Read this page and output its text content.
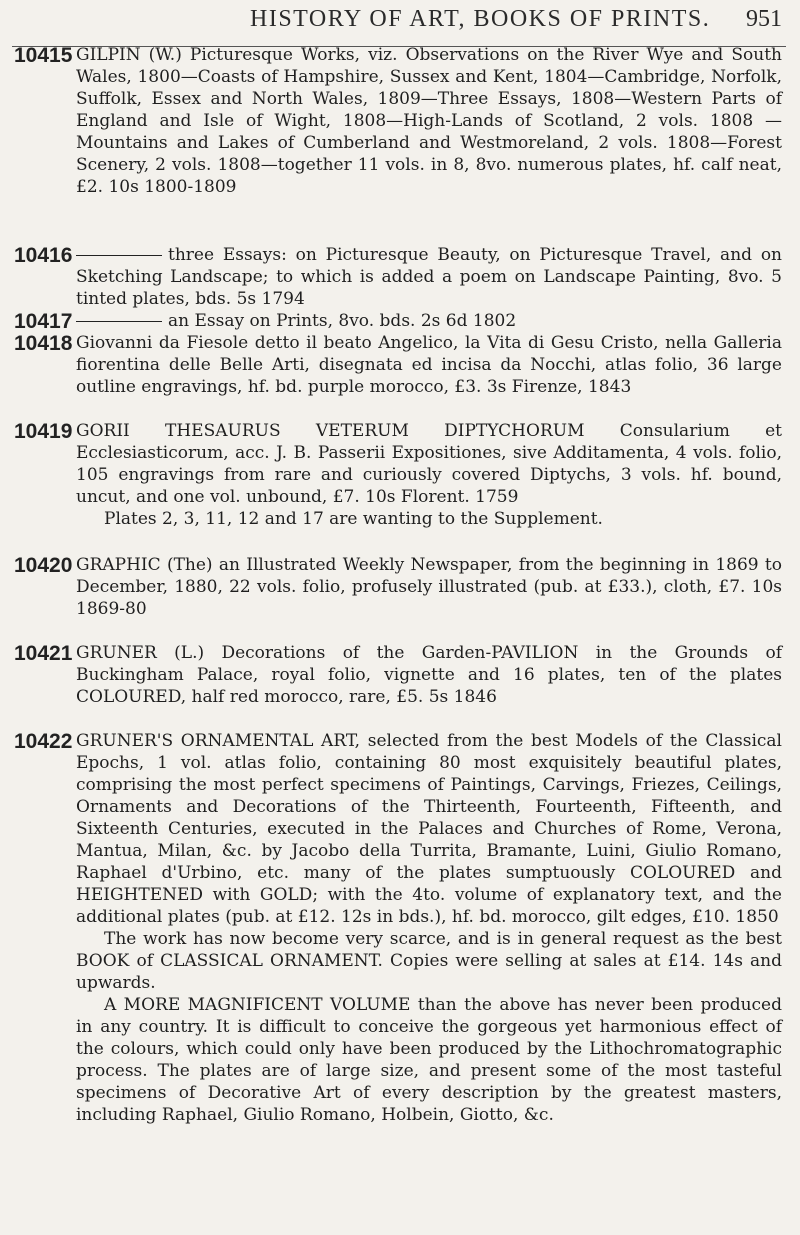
HISTORY OF ART, BOOKS OF PRINTS. 951
10415 GILPIN (W.) Picturesque Works, viz. Observations on the River Wye and South Wales, 1800—Coasts of Hampshire, Sussex and Kent, 1804—Cambridge, Norfolk, Suffolk, Essex and North Wales, 1809—Three Essays, 1808—Western Parts of England and Isle of Wight, 1808—High-Lands of Scotland, 2 vols. 1808 —Mountains and Lakes of Cumberland and Westmoreland, 2 vols. 1808—Forest Scenery, 2 vols. 1808—together 11 vols. in 8, 8vo. numerous plates, hf. calf neat, £2. 10s 1800-1809
10416	three Essays: on Picturesque Beauty, on Picturesque Travel, and on Sketching Landscape; to which is added a poem on Landscape Painting, 8vo. 5 tinted plates, bds. 5s 1794
10417	an Essay on Prints, 8vo. bds. 2s 6d 1802
10418 Giovanni da Fiesole detto il beato Angelico, la Vita di Gesu Cristo, nella Galleria fiorentina delle Belle Arti, disegnata ed incisa da Nocchi, atlas folio, 36 large outline engravings, hf. bd. purple morocco, £3. 3s Firenze, 1843
10419 GORII THESAURUS VETERUM DIPTYCHORUM Consularium et Ecclesiasticorum, acc. J. B. Passerii Expositiones, sive Additamenta, 4 vols. folio, 105 engravings from rare and curiously covered Diptychs, 3 vols. hf. bound, uncut, and one vol. unbound, £7. 10s Florent. 1759
Plates 2, 3, 11, 12 and 17 are wanting to the Supplement.
10420 GRAPHIC (The) an Illustrated Weekly Newspaper, from the beginning in 1869 to December, 1880, 22 vols. folio, profusely illustrated (pub. at £33.), cloth, £7. 10s 1869-80
10421 GRUNER (L.) Decorations of the Garden-PAVILION in the Grounds of Buckingham Palace, royal folio, vignette and 16 plates, ten of the plates COLOURED, half red morocco, rare, £5. 5s 1846
10422 GRUNER'S ORNAMENTAL ART, selected from the best Models of the Classical Epochs, 1 vol. atlas folio, containing 80 most exquisitely beautiful plates, comprising the most perfect specimens of Paintings, Carvings, Friezes, Ceilings, Ornaments and Decorations of the Thirteenth, Fourteenth, Fifteenth, and Sixteenth Centuries, executed in the Palaces and Churches of Rome, Verona, Mantua, Milan, &c. by Jacobo della Turrita, Bramante, Luini, Giulio Romano, Raphael d'Urbino, etc. many of the plates sumptuously COLOURED and HEIGHTENED with GOLD; with the 4to. volume of explanatory text, and the additional plates (pub. at £12. 12s in bds.), hf. bd. morocco, gilt edges, £10. 1850
The work has now become very scarce, and is in general request as the best BOOK of CLASSICAL ORNAMENT. Copies were selling at sales at £14. 14s and upwards.
A MORE MAGNIFICENT VOLUME than the above has never been produced in any country. It is difficult to conceive the gorgeous yet harmonious effect of the colours, which could only have been produced by the Lithochromatographic process. The plates are of large size, and present some of the most tasteful specimens of Decorative Art of every description by the greatest masters, including Raphael, Giulio Romano, Holbein, Giotto, &c.
